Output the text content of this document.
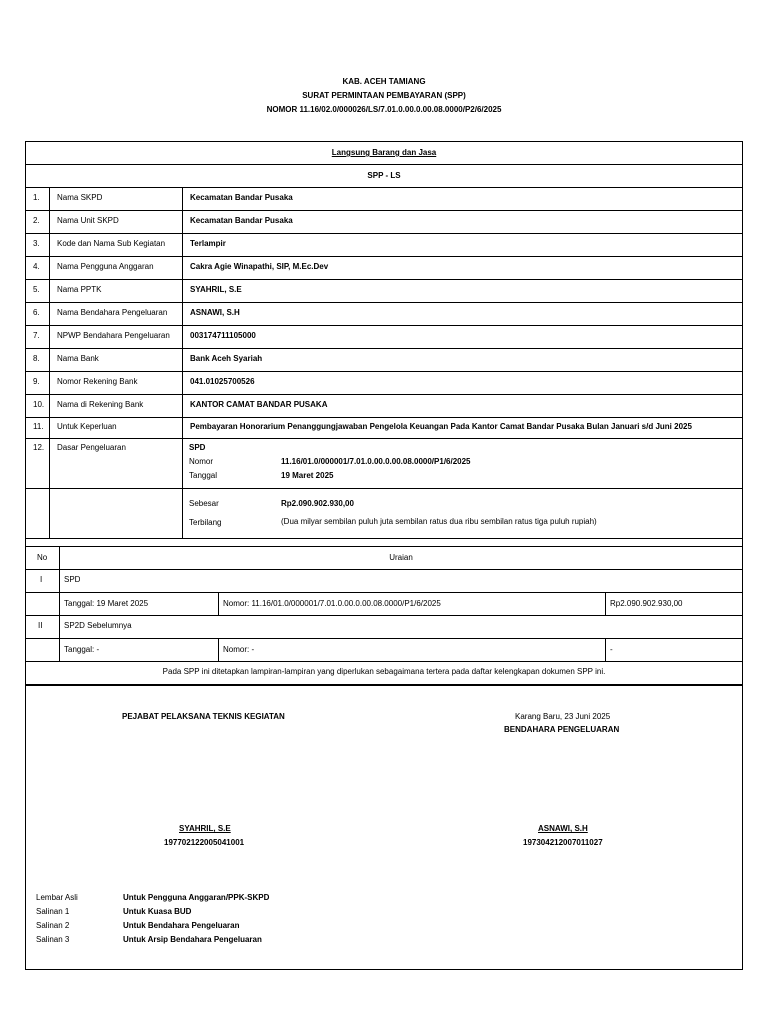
KAB. ACEH TAMIANG
SURAT PERMINTAAN PEMBAYARAN (SPP)
NOMOR 11.16/02.0/000026/LS/7.01.0.00.0.00.08.0000/P2/6/2025
Langsung Barang dan Jasa
SPP - LS
1.	Nama SKPD	Kecamatan Bandar Pusaka
2.	Nama Unit SKPD	Kecamatan Bandar Pusaka
3.	Kode dan Nama Sub Kegiatan	Terlampir
4.	Nama Pengguna Anggaran	Cakra Agie Winapathi, SIP, M.Ec.Dev
5.	Nama PPTK	SYAHRIL, S.E
6.	Nama Bendahara Pengeluaran	ASNAWI, S.H
7.	NPWP Bendahara Pengeluaran	003174711105000
8.	Nama Bank	Bank Aceh Syariah
9.	Nomor Rekening Bank	041.01025700526
10.	Nama di Rekening Bank	KANTOR CAMAT BANDAR PUSAKA
11.	Untuk Keperluan	Pembayaran Honorarium Penanggungjawaban Pengelola Keuangan Pada Kantor Camat Bandar Pusaka Bulan Januari s/d Juni 2025
12.	Dasar Pengeluaran	SPD
Nomor	11.16/01.0/000001/7.01.0.00.0.00.08.0000/P1/6/2025
Tanggal	19 Maret 2025
Sebesar	Rp2.090.902.930,00
Terbilang	(Dua milyar sembilan puluh juta sembilan ratus dua ribu sembilan ratus tiga puluh rupiah)
No	Uraian
I	SPD
Tanggal: 19 Maret 2025	Nomor: 11.16/01.0/000001/7.01.0.00.0.00.08.0000/P1/6/2025	Rp2.090.902.930,00
II	SP2D Sebelumnya
Tanggal: -	Nomor: -	-
Pada SPP ini ditetapkan lampiran-lampiran yang diperlukan sebagaimana tertera pada daftar kelengkapan dokumen SPP ini.
PEJABAT PELAKSANA TEKNIS KEGIATAN	Karang Baru, 23 Juni 2025
BENDAHARA PENGELUARAN
SYAHRIL, S.E
197702122005041001
ASNAWI, S.H
197304212007011027
Lembar Asli	Untuk Pengguna Anggaran/PPK-SKPD
Salinan 1	Untuk Kuasa BUD
Salinan 2	Untuk Bendahara Pengeluaran
Salinan 3	Untuk Arsip Bendahara Pengeluaran
